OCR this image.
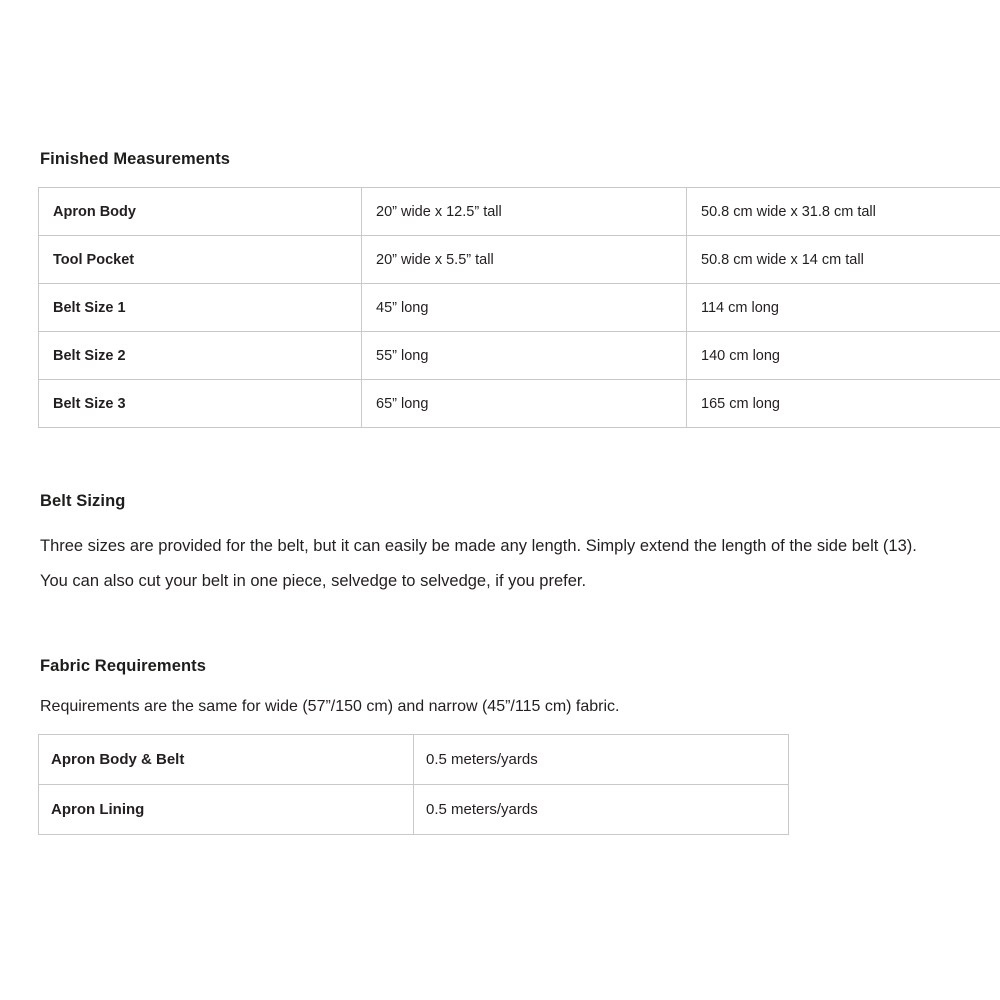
Finished Measurements
Apron Body	20” wide x 12.5” tall	50.8 cm wide x 31.8 cm tall
Tool Pocket	20” wide x 5.5” tall	50.8 cm wide x 14 cm tall
Belt Size 1	45” long	114 cm long
Belt Size 2	55” long	140 cm long
Belt Size 3	65” long	165 cm long
Belt Sizing

Three sizes are provided for the belt, but it can easily be made any length. Simply extend the length of the side belt (13). You can also cut your belt in one piece, selvedge to selvedge, if you prefer.

Fabric Requirements

Requirements are the same for wide (57”/150 cm) and narrow (45”/115 cm) fabric.

Apron Body & Belt	0.5 meters/yards
Apron Lining	0.5 meters/yards
